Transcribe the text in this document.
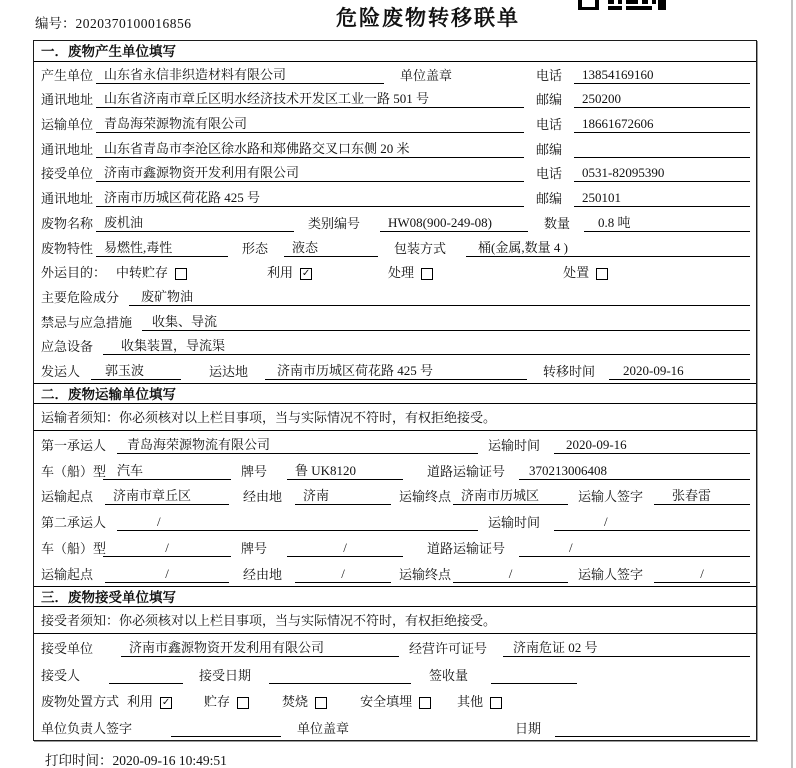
编号：2020370100016856	危险废物转移联单
一．废物产生单位填写
产生单位 山东省永信非织造材料有限公司	单位盖章	电话	13854169160
通讯地址 山东省济南市章丘区明水经济技术开发区工业一路 501 号	邮编	250200
运输单位 青岛海荣源物流有限公司	电话	18661672606
通讯地址 山东省青岛市李沧区徐水路和郑佛路交叉口东侧 20 米	邮编
接受单位 济南市鑫源物资开发利用有限公司	电话	0531-82095390
通讯地址 济南市历城区荷花路 425 号	邮编	250101
废物名称 废机油	类别编号	HW08(900-249-08)	数量	0.8 吨
废物特性 易燃性,毒性	形态	液态	包装方式	桶(金属,数量 4 )
外运目的： 中转贮存	利用 ✓	处理	处置
主要危险成分	废矿物油
禁忌与应急措施	收集、导流
应急设备	收集装置，导流渠
发运人	郭玉波	运达地	济南市历城区荷花路 425 号	转移时间	2020-09-16
二．废物运输单位填写
运输者须知：你必须核对以上栏目事项，当与实际情况不符时，有权拒绝接受。
第一承运人	青岛海荣源物流有限公司	运输时间	2020-09-16
车（船）型 汽车	牌号	鲁 UK8120	道路运输证号	370213006408
运输起点	济南市章丘区	经由地	济南	运输终点 济南市历城区	运输人签字	张春雷
第二承运人	/	运输时间	/
车（船）型	/	牌号	/	道路运输证号	/
运输起点	/	经由地	/	运输终点	/	运输人签字	/
三．废物接受单位填写
接受者须知：你必须核对以上栏目事项，当与实际情况不符时，有权拒绝接受。
接受单位	济南市鑫源物资开发利用有限公司	经营许可证号	济南危证 02 号
接受人	接受日期	签收量
废物处置方式 利用 ✓	贮存	焚烧	安全填埋	其他
单位负责人签字	单位盖章	日期
打印时间：2020-09-16 10:49:51
